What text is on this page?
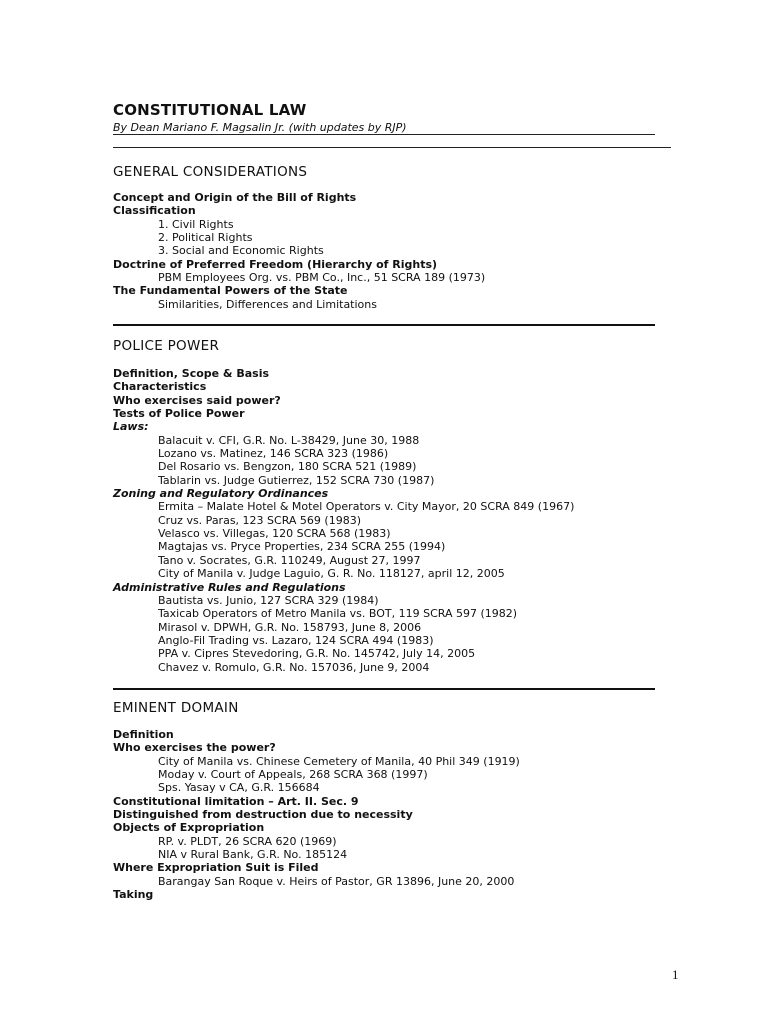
CONSTITUTIONAL LAW

By Dean Mariano F. Magsalin Jr. (with updates by RJP)

GENERAL CONSIDERATIONS
Concept and Origin of the Bill of Rights
Classification
1. Civil Rights
2. Political Rights
3. Social and Economic Rights
Doctrine of Preferred Freedom (Hierarchy of Rights)
PBM Employees Org. vs. PBM Co., Inc., 51 SCRA 189 (1973)
The Fundamental Powers of the State
Similarities, Differences and Limitations
POLICE POWER
Definition, Scope & Basis
Characteristics
Who exercises said power?
Tests of Police Power
Laws:
Balacuit v. CFI, G.R. No. L-38429, June 30, 1988
Lozano vs. Matinez, 146 SCRA 323 (1986)
Del Rosario vs. Bengzon, 180 SCRA 521 (1989)
Tablarin vs. Judge Gutierrez, 152 SCRA 730 (1987)
Zoning and Regulatory Ordinances
Ermita – Malate Hotel & Motel Operators v. City Mayor, 20 SCRA 849 (1967)
Cruz vs. Paras, 123 SCRA 569 (1983)
Velasco vs. Villegas, 120 SCRA 568 (1983)
Magtajas vs. Pryce Properties, 234 SCRA 255 (1994)
Tano v. Socrates, G.R. 110249, August 27, 1997
City of Manila v. Judge Laguio, G. R. No. 118127, april 12, 2005
Administrative Rules and Regulations
Bautista vs. Junio, 127 SCRA 329 (1984)
Taxicab Operators of Metro Manila vs. BOT, 119 SCRA 597 (1982)
Mirasol v. DPWH, G.R. No. 158793, June 8, 2006
Anglo-Fil Trading vs. Lazaro, 124 SCRA 494 (1983)
PPA v. Cipres Stevedoring, G.R. No. 145742, July 14, 2005
Chavez v. Romulo, G.R. No. 157036, June 9, 2004
EMINENT DOMAIN
Definition
Who exercises the power?
City of Manila vs. Chinese Cemetery of Manila, 40 Phil 349 (1919)
Moday v. Court of Appeals, 268 SCRA 368 (1997)
Sps. Yasay v CA, G.R. 156684
Constitutional limitation – Art. II. Sec. 9
Distinguished from destruction due to necessity
Objects of Expropriation
RP. v. PLDT, 26 SCRA 620 (1969)
NIA v Rural Bank, G.R. No. 185124
Where Expropriation Suit is Filed
Barangay San Roque v. Heirs of Pastor, GR 13896, June 20, 2000
Taking
1
